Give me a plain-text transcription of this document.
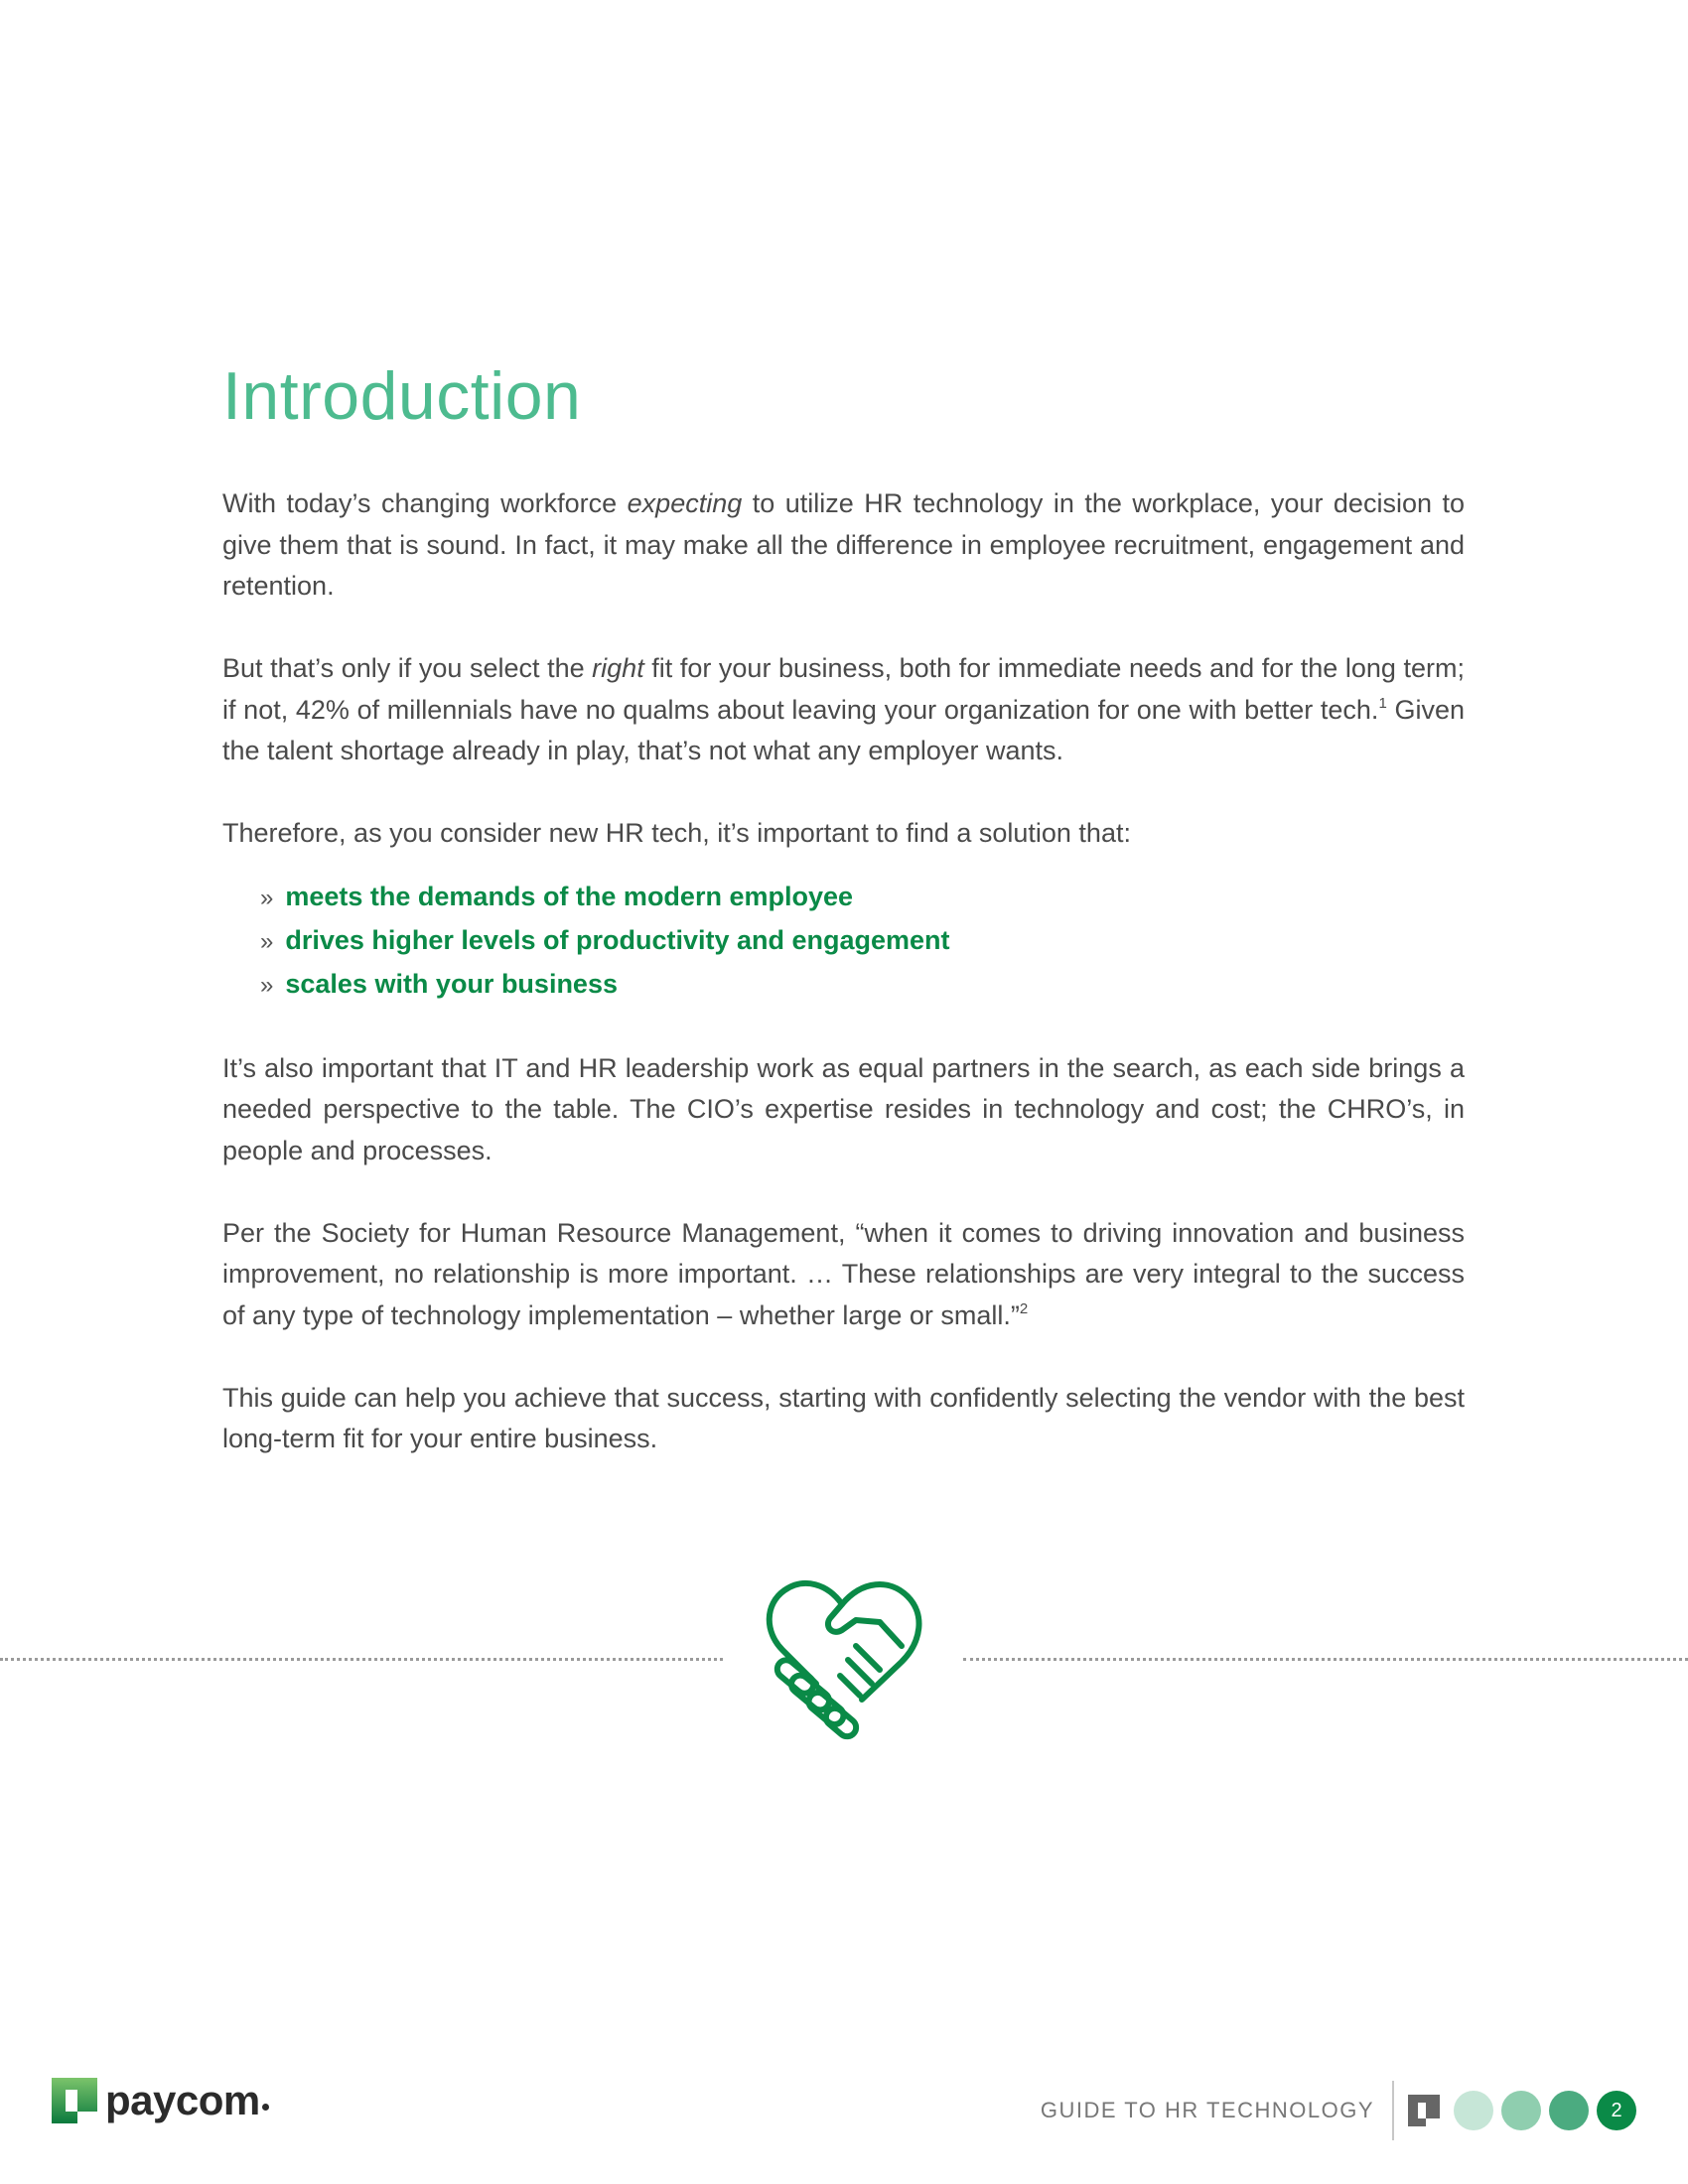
Introduction

With today’s changing workforce expecting to utilize HR technology in the workplace, your decision to give them that is sound. In fact, it may make all the difference in employee recruitment, engagement and retention.

But that’s only if you select the right fit for your business, both for immediate needs and for the long term; if not, 42% of millennials have no qualms about leaving your organization for one with better tech.$^1$ Given the talent shortage already in play, that’s not what any employer wants.

Therefore, as you consider new HR tech, it’s important to find a solution that:

» meets the demands of the modern employee
» drives higher levels of productivity and engagement
» scales with your business

It’s also important that IT and HR leadership work as equal partners in the search, as each side brings a needed perspective to the table. The CIO’s expertise resides in technology and cost; the CHRO’s, in people and processes.

Per the Society for Human Resource Management, “when it comes to driving innovation and business improvement, no relationship is more important. … These relationships are very integral to the success of any type of technology implementation – whether large or small.”$^2$

This guide can help you achieve that success, starting with confidently selecting the vendor with the best long-term fit for your entire business.

paycom	GUIDE TO HR TECHNOLOGY	2
